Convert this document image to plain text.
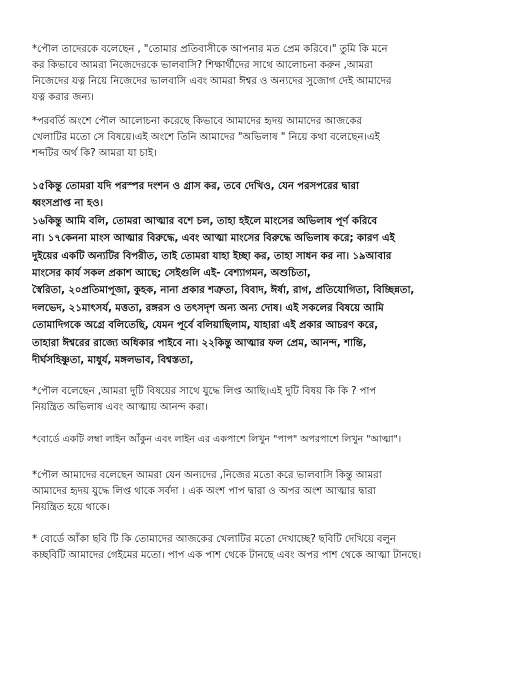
*পৌল তাদেরকে বলেছেন , "তোমার প্রতিবাসীকে আপনার মত প্রেম করিবে।" তুমি কি মনে
কর কিভাবে আমরা নিজেদেরকে ভালবাসি? শিক্ষার্থীদের সাথে আলোচনা করুন ,আমরা
নিজেদের যত্ন নিয়ে নিজেদের ভালবাসি এবং আমরা ঈশ্বর ও অন্যদের সুজোগ দেই আমাদের
যত্ন করার জন্য।
*পরবর্তি অংশে পৌল আলোচনা করেছে কিভাবে আমাদের হৃদয় আমাদের আজকের
খেলাটির মতো সে বিষয়ে।এই অংশে তিনি আমাদের "অভিলাষ " নিয়ে কথা বলেছেন।এই
শব্দটির অর্থ কি? আমরা যা চাই।
১৫কিন্তু তোমরা যদি পরস্পর দংশন ও গ্রাস কর, তবে দেখিও, যেন পরসপরের দ্বারা
ধ্বংসপ্রাপ্ত না হও।
১৬কিন্তু আমি বলি, তোমরা আত্মার বশে চল, তাহা হইলে মাংসের অভিলাষ পূর্ণ করিবে
না। ১৭কেননা মাংস আত্মার বিরুদ্ধে, এবং আত্মা মাংসের বিরুদ্ধে অভিলাষ করে; কারণ এই
দুইয়ের একটি অন্যটির বিপরীত, তাই তোমরা যাহা ইচ্ছা কর, তাহা সাধন কর না। ১৯আবার
মাংসের কার্য সকল প্রকাশ আছে; সেইগুলি এই- বেশ্যাগমন, অশুচিতা,
স্বৈরিতা, ২০প্রতিমাপূজা, কুহক, নানা প্রকার শত্রুতা, বিবাদ, ঈর্ষা, রাগ, প্রতিযোগিতা, বিচ্ছিন্নতা,
দলভেদ, ২১মাৎসর্য, মত্ততা, রঙ্গরস ও তৎসদৃশ অন্য অন্য দোষ। এই সকলের বিষয়ে আমি
তোমাদিগকে অগ্রে বলিতেছি, যেমন পূর্বে বলিয়াছিলাম, যাহারা এই প্রকার আচরণ করে,
তাহারা ঈশ্বরের রাজ্যে অধিকার পাইবে না। ২২কিন্তু আত্মার ফল প্রেম, আনন্দ, শান্তি,
দীর্ঘসহিষ্ণুতা, মাধুর্য, মঙ্গলভাব, বিশ্বস্ততা,
*পৌল বলেছেন ,আমরা দুটি বিষয়ের সাথে যুদ্ধে লিপ্ত আছি।এই দুটি বিষয় কি কি ? পাপ
নিয়ন্ত্রিত অভিলাষ এবং আত্মায় আনন্দ করা।
*বোর্ডে একটি লম্বা লাইন আঁকুন এবং লাইন এর একপাশে লিখুন "পাপ" অপরপাশে লিখুন "আত্মা"।
*পৌল আমাদের বলেছেন আমরা যেন অন্যদের ,নিজের মতো করে ভালবাসি কিন্তু আমরা
আমাদের হৃদয় যুদ্ধে লিপ্ত থাকে সর্বদা । এক অংশ পাপ দ্বারা ও অপর অংশ আত্মার দ্বারা
নিয়ন্ত্রিত হয়ে থাকে।
* বোর্ডে আঁকা ছবি টি কি তোমাদের আজকের খেলাটির মতো দেখাচ্ছে? ছবিটি দেখিয়ে বলুন
কচ্ছবিটি আমাদের গেইমের মতো। পাপ এক পাশ থেকে টানছে এবং অপর পাশ থেকে আত্মা টানছে।
